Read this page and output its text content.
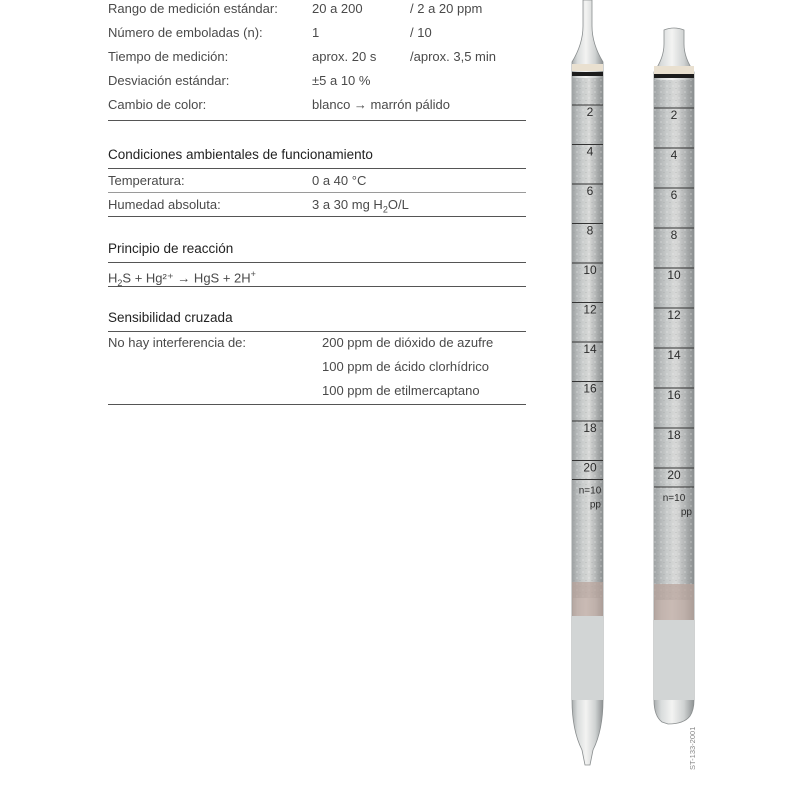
Rango de medición estándar:	20 a 200	/ 2 a 20 ppm
Número de emboladas (n):	1	/ 10
Tiempo de medición:	aprox. 20 s	/aprox. 3,5 min
Desviación estándar:	±5 a 10 %
Cambio de color:	blanco → marrón pálido
Condiciones ambientales de funcionamiento
Temperatura:	0 a 40 °C
Humedad absoluta:	3 a 30 mg $H_2O/L$
Principio de reacción
$H_2S + Hg^{2+}$ → HgS + 2H+
Sensibilidad cruzada
No hay interferencia de:	200 ppm de dióxido de azufre
100 ppm de ácido clorhídrico
100 ppm de etilmercaptano
2
4
6
8
10
12
14
16
18
20
n=10
pp
2
4
6
8
10
12
14
16
18
20
n=10
pp
ST-133-2001
